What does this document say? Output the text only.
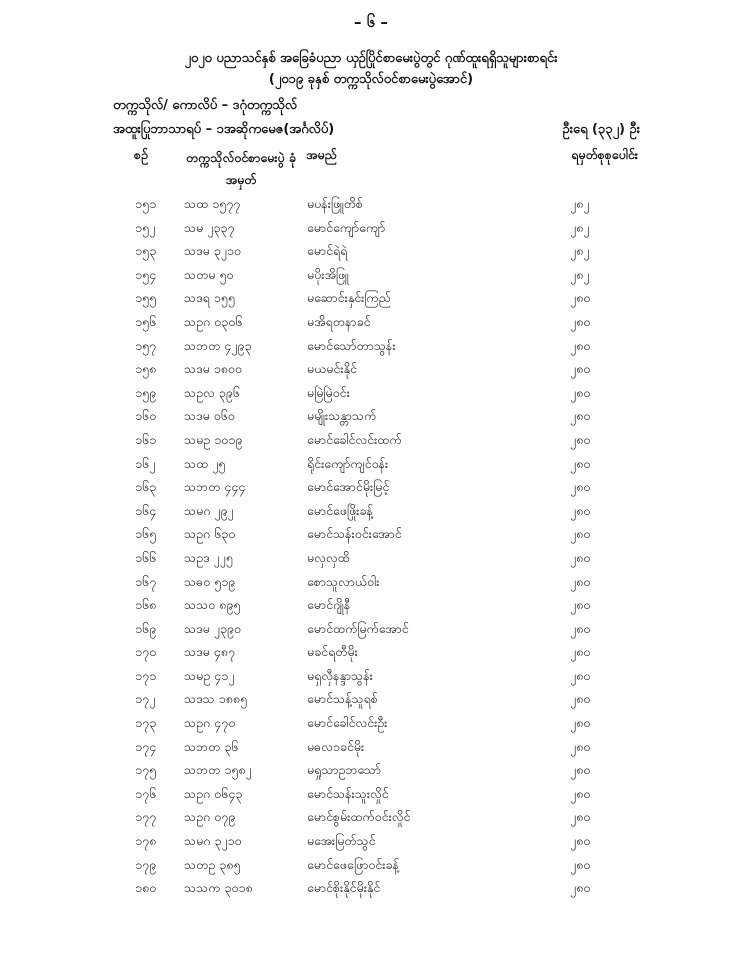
– ၆ –
၂၀၂၀ ပညာသင်နှစ် အခြေခံပညာ ယှဉ်ပြိုင်စာမေးပွဲတွင် ဂုဏ်ထူးရရှိသူများစာရင်း
(၂၀၁၉ ခုနှစ် တက္ကသိုလ်ဝင်စာမေးပွဲအောင်)
တက္ကသိုလ်/ ကောလိပ် – ဒဂုံတက္ကသိုလ်
အထူးပြုဘာသာရပ် – ၁အဆိုကမေဇ(အင်္ဂလိပ်)	ဦးရေ (၃၃၂) ဦး
စဉ်	တက္ကသိုလ်ဝင်စာမေးပွဲ ခုံအမှတ်
အမည်	ရမှတ်စုစုပေါင်း
၁၅၁ သထ ၁၅၇၇	မပန်းဖြူတိစ်	၂၈၂
၁၅၂ သမ ၂၃၃၇	မောင်ကျော်ကျော်	၂၈၂
၁၅၃ သဒမ ၃၂၁၀	မောင်ရဲရဲ	၂၈၂
၁၅၄ သတမ ၅၀	မပိုးအိဖြူ	၂၈၂
၁၅၅ သဒရ ၁၅၅	မဆောင်းနှင်းကြည်	၂၈၀
၁၅၆ သဥဂ ၀၃၀၆	မအိရတနာခင်	၂၈၀
၁၅၇ သဘတ ၄၂၉၃	မောင်သော်တာသွန်း	၂၈၀
၁၅၈ သဒမ ၁၈၀၀	မယမင်းနိုင်	၂၈၀
၁၅၉ သဥလ ၃၉၆	မမြဲမြဲဝင်း	၂၈၀
၁၆၀ သဒမ ၀၆၀	မမျိုးသန္တာသက်	၂၈၀
၁၆၁ သမဥ ၁၀၁၉	မောင်ခေါင်လင်းထက်	၂၈၀
၁၆၂ သထ ၂၅	ရိုင်းကျော်ကျင်ဝန်း	၂၈၀
၁၆၃ သဘတ ၄၄၄	မောင်အောင်မိုးမြင့်	၂၈၀
၁၆၄ သမဂ ၂၉၂	မောင်ဖေဖြိုးခန့်	၂၈၀
၁၆၅ သဥဂ ၆၃၀	မောင်သန်းဝင်းအောင်	၂၈၀
၁၆၆ သဥဒ ၂၂၅	မလှလှထိ	၂၈၀
၁၆၇ သဓဝ ၅၁၉	စောသူလာယ်ဝါး	၂၈၀
၁၆၈ သသဝ ၈၉၅	မောင်ဂျိုနီ	၂၈၀
၁၆၉ သဒမ ၂၃၉၀	မောင်ထက်မြက်အောင်	၂၈၀
၁၇၀ သဒမ ၄၈၇	မခင်ရတီမိုး	၂၈၀
၁၇၁ သမဥ ၄၁၂	မရှလှီနန္ဒာသွန်း	၂၈၀
၁၇၂ သဒသ ၁၈၈၅	မောင်သန့်သူရစ်	၂၈၀
၁၇၃ သဥဂ ၄၇၀	မောင်ခေါင်လင်းဦး	၂၈၀
၁၇၄ သဘတ ၃၆	မဓလ၁ခင်မိုး	၂၈၀
၁၇၅ သဘတ ၁၅၈၂	မရှုသာဥဘသော်	၂၈၀
၁၇၆ သဥဂ ၀၆၄၃	မောင်သန်းသူးလှိုင်	၂၈၀
၁၇၇ သဥဂ ၀၇၉	မောင်စွမ်းထက်ဝင်းလှိုင်	၂၈၀
၁၇၈ သမဂ ၃၂၁၀	မအေးမြတ်သွင်	၂၈၀
၁၇၉ သတဥ ၃၈၅	မောင်ဖေဖြောဝင်းခန့်	၂၈၀
၁၈၀ သသက ၃၀၁၈	မောင်စိုးနိုင်မိုးနိုင်	၂၈၀
